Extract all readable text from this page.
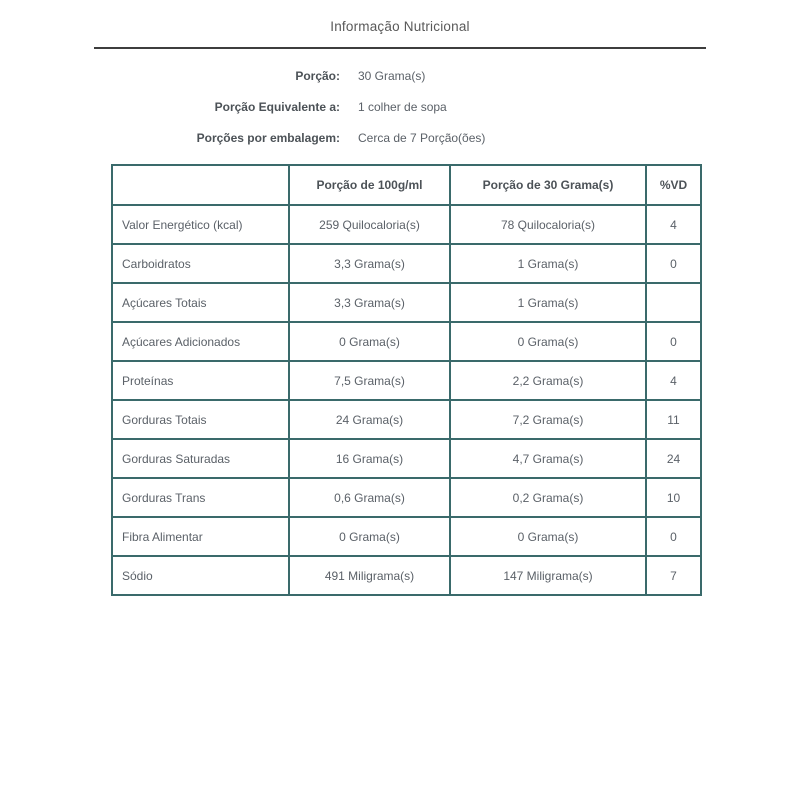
Informação Nutricional
Porção: 30 Grama(s)
Porção Equivalente a: 1 colher de sopa
Porções por embalagem: Cerca de 7 Porção(ões)
	Porção de 100g/ml	Porção de 30 Grama(s)	%VD
Valor Energético (kcal)	259 Quilocaloria(s)	78 Quilocaloria(s)	4
Carboidratos	3,3 Grama(s)	1 Grama(s)	0
Açúcares Totais	3,3 Grama(s)	1 Grama(s)	
Açúcares Adicionados	0 Grama(s)	0 Grama(s)	0
Proteínas	7,5 Grama(s)	2,2 Grama(s)	4
Gorduras Totais	24 Grama(s)	7,2 Grama(s)	11
Gorduras Saturadas	16 Grama(s)	4,7 Grama(s)	24
Gorduras Trans	0,6 Grama(s)	0,2 Grama(s)	10
Fibra Alimentar	0 Grama(s)	0 Grama(s)	0
Sódio	491 Miligrama(s)	147 Miligrama(s)	7
